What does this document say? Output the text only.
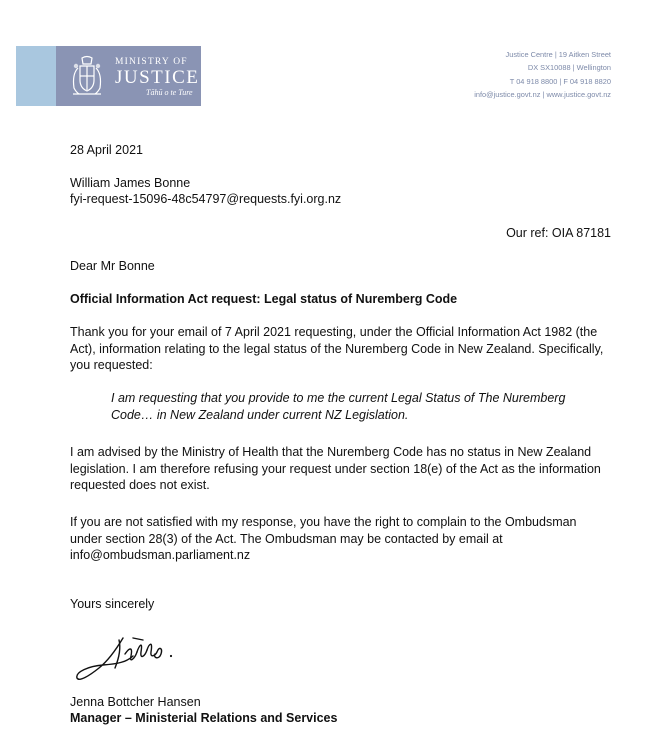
MINISTRY OF
JUSTICE
Tāhū o te Ture
Justice Centre | 19 Aitken Street
DX SX10088 | Wellington
T 04 918 8800 | F 04 918 8820
info@justice.govt.nz | www.justice.govt.nz
28 April 2021
William James Bonne
fyi-request-15096-48c54797@requests.fyi.org.nz
Our ref: OIA 87181
Dear Mr Bonne
Official Information Act request: Legal status of Nuremberg Code
Thank you for your email of 7 April 2021 requesting, under the Official Information Act 1982 (the
Act), information relating to the legal status of the Nuremberg Code in New Zealand. Specifically,
you requested:
I am requesting that you provide to me the current Legal Status of The Nuremberg
Code… in New Zealand under current NZ Legislation.
I am advised by the Ministry of Health that the Nuremberg Code has no status in New Zealand
legislation. I am therefore refusing your request under section 18(e) of the Act as the information
requested does not exist.
If you are not satisfied with my response, you have the right to complain to the Ombudsman
under section 28(3) of the Act. The Ombudsman may be contacted by email at
info@ombudsman.parliament.nz
Yours sincerely
Jenna Bottcher Hansen
Manager – Ministerial Relations and Services
